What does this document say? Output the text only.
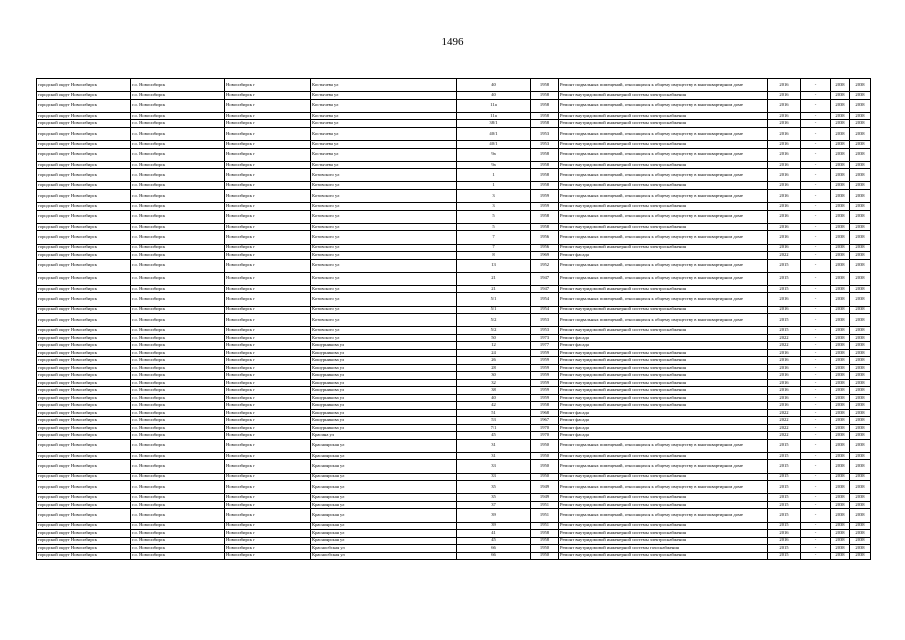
1496
городской округ Новосибирск	г.о. Новосибирск	Новосибирск г	Костычева ул	40	1958	Ремонт подвальных помещений, относящихся к общему имуществу в многоквартирном доме	2016	-	2038	2038
городской округ Новосибирск	г.о. Новосибирск	Новосибирск г	Костычева ул	40	1958	Ремонт внутридомовой инженерной системы электроснабжения	2016	-	2038	2038
городской округ Новосибирск	г.о. Новосибирск	Новосибирск г	Костычева ул	11а	1958	Ремонт подвальных помещений, относящихся к общему имуществу в многоквартирном доме	2016	-	2038	2038
городской округ Новосибирск	г.о. Новосибирск	Новосибирск г	Костычева ул	11а	1958	Ремонт внутридомовой инженерной системы электроснабжения	2016	-	2038	2038
городской округ Новосибирск	г.о. Новосибирск	Новосибирск г	Костычева ул	38/1	1958	Ремонт внутридомовой инженерной системы электроснабжения	2016	-	2038	2038
городской округ Новосибирск	г.о. Новосибирск	Новосибирск г	Костычева ул	40/1	1953	Ремонт подвальных помещений, относящихся к общему имуществу в многоквартирном доме	2016	-	2038	2038
городской округ Новосибирск	г.о. Новосибирск	Новосибирск г	Костычева ул	40/1	1953	Ремонт внутридомовой инженерной системы электроснабжения	2016	-	2038	2038
городской округ Новосибирск	г.о. Новосибирск	Новосибирск г	Костычева ул	9а	1958	Ремонт подвальных помещений, относящихся к общему имуществу в многоквартирном доме	2016	-	2038	2038
городской округ Новосибирск	г.о. Новосибирск	Новосибирск г	Костычева ул	9а	1958	Ремонт внутридомовой инженерной системы электроснабжения	2016	-	2038	2038
городской округ Новосибирск	г.о. Новосибирск	Новосибирск г	Котовского ул	1	1958	Ремонт подвальных помещений, относящихся к общему имуществу в многоквартирном доме	2016	-	2038	2038
городской округ Новосибирск	г.о. Новосибирск	Новосибирск г	Котовского ул	1	1958	Ремонт внутридомовой инженерной системы электроснабжения	2016	-	2038	2038
городской округ Новосибирск	г.о. Новосибирск	Новосибирск г	Котовского ул	3	1959	Ремонт подвальных помещений, относящихся к общему имуществу в многоквартирном доме	2016	-	2038	2038
городской округ Новосибирск	г.о. Новосибирск	Новосибирск г	Котовского ул	3	1959	Ремонт внутридомовой инженерной системы электроснабжения	2016	-	2038	2038
городской округ Новосибирск	г.о. Новосибирск	Новосибирск г	Котовского ул	5	1958	Ремонт подвальных помещений, относящихся к общему имуществу в многоквартирном доме	2016	-	2038	2038
городской округ Новосибирск	г.о. Новосибирск	Новосибирск г	Котовского ул	5	1958	Ремонт внутридомовой инженерной системы электроснабжения	2016	-	2038	2038
городской округ Новосибирск	г.о. Новосибирск	Новосибирск г	Котовского ул	7	1956	Ремонт подвальных помещений, относящихся к общему имуществу в многоквартирном доме	2016	-	2038	2038
городской округ Новосибирск	г.о. Новосибирск	Новосибирск г	Котовского ул	7	1956	Ремонт внутридомовой инженерной системы электроснабжения	2016	-	2038	2038
городской округ Новосибирск	г.о. Новосибирск	Новосибирск г	Котовского ул	8	1969	Ремонт фасада	2022	-	2038	2038
городской округ Новосибирск	г.о. Новосибирск	Новосибирск г	Котовского ул	13	1952	Ремонт подвальных помещений, относящихся к общему имуществу в многоквартирном доме	2015	-	2038	2038
городской округ Новосибирск	г.о. Новосибирск	Новосибирск г	Котовского ул	21	1947	Ремонт подвальных помещений, относящихся к общему имуществу в многоквартирном доме	2015	-	2038	2038
городской округ Новосибирск	г.о. Новосибирск	Новосибирск г	Котовского ул	21	1947	Ремонт внутридомовой инженерной системы электроснабжения	2015	-	2038	2038
городской округ Новосибирск	г.о. Новосибирск	Новосибирск г	Котовского ул	5/1	1954	Ремонт подвальных помещений, относящихся к общему имуществу в многоквартирном доме	2016	-	2038	2038
городской округ Новосибирск	г.о. Новосибирск	Новосибирск г	Котовского ул	5/1	1954	Ремонт внутридомовой инженерной системы электроснабжения	2016	-	2038	2038
городской округ Новосибирск	г.о. Новосибирск	Новосибирск г	Котовского ул	5/2	1953	Ремонт подвальных помещений, относящихся к общему имуществу в многоквартирном доме	2015	-	2038	2038
городской округ Новосибирск	г.о. Новосибирск	Новосибирск г	Котовского ул	5/2	1953	Ремонт внутридомовой инженерной системы электроснабжения	2015	-	2038	2038
городской округ Новосибирск	г.о. Новосибирск	Новосибирск г	Котовского ул	50	1973	Ремонт фасада	2022	-	2038	2038
городской округ Новосибирск	г.о. Новосибирск	Новосибирск г	Кошурникова ул	12	1977	Ремонт фасада	2022	-	2038	2038
городской округ Новосибирск	г.о. Новосибирск	Новосибирск г	Кошурникова ул	24	1959	Ремонт внутридомовой инженерной системы электроснабжения	2016	-	2038	2038
городской округ Новосибирск	г.о. Новосибирск	Новосибирск г	Кошурникова ул	26	1959	Ремонт внутридомовой инженерной системы электроснабжения	2016	-	2038	2038
городской округ Новосибирск	г.о. Новосибирск	Новосибирск г	Кошурникова ул	28	1959	Ремонт внутридомовой инженерной системы электроснабжения	2016	-	2038	2038
городской округ Новосибирск	г.о. Новосибирск	Новосибирск г	Кошурникова ул	30	1959	Ремонт внутридомовой инженерной системы электроснабжения	2016	-	2038	2038
городской округ Новосибирск	г.о. Новосибирск	Новосибирск г	Кошурникова ул	32	1959	Ремонт внутридомовой инженерной системы электроснабжения	2016	-	2038	2038
городской округ Новосибирск	г.о. Новосибирск	Новосибирск г	Кошурникова ул	38	1959	Ремонт внутридомовой инженерной системы электроснабжения	2016	-	2038	2038
городской округ Новосибирск	г.о. Новосибирск	Новосибирск г	Кошурникова ул	40	1959	Ремонт внутридомовой инженерной системы электроснабжения	2016	-	2038	2038
городской округ Новосибирск	г.о. Новосибирск	Новосибирск г	Кошурникова ул	42	1958	Ремонт внутридомовой инженерной системы электроснабжения	2016	-	2038	2038
городской округ Новосибирск	г.о. Новосибирск	Новосибирск г	Кошурникова ул	51	1968	Ремонт фасада	2022	-	2038	2038
городской округ Новосибирск	г.о. Новосибирск	Новосибирск г	Кошурникова ул	53	1967	Ремонт фасада	2022	-	2038	2038
городской округ Новосибирск	г.о. Новосибирск	Новосибирск г	Кошурникова ул	7/1	1970	Ремонт фасада	2022	-	2038	2038
городской округ Новосибирск	г.о. Новосибирск	Новосибирск г	Красина ул	45	1970	Ремонт фасада	2022	-	2038	2038
городской округ Новосибирск	г.о. Новосибирск	Новосибирск г	Красноярская ул	31	1950	Ремонт подвальных помещений, относящихся к общему имуществу в многоквартирном доме	2015	-	2038	2038
городской округ Новосибирск	г.о. Новосибирск	Новосибирск г	Красноярская ул	31	1950	Ремонт внутридомовой инженерной системы электроснабжения	2015	-	2038	2038
городской округ Новосибирск	г.о. Новосибирск	Новосибирск г	Красноярская ул	33	1950	Ремонт подвальных помещений, относящихся к общему имуществу в многоквартирном доме	2015	-	2038	2038
городской округ Новосибирск	г.о. Новосибирск	Новосибирск г	Красноярская ул	33	1950	Ремонт внутридомовой инженерной системы электроснабжения	2015	-	2038	2038
городской округ Новосибирск	г.о. Новосибирск	Новосибирск г	Красноярская ул	35	1949	Ремонт подвальных помещений, относящихся к общему имуществу в многоквартирном доме	2015	-	2038	2038
городской округ Новосибирск	г.о. Новосибирск	Новосибирск г	Красноярская ул	35	1949	Ремонт внутридомовой инженерной системы электроснабжения	2015	-	2038	2038
городской округ Новосибирск	г.о. Новосибирск	Новосибирск г	Красноярская ул	37	1951	Ремонт внутридомовой инженерной системы электроснабжения	2015	-	2038	2038
городской округ Новосибирск	г.о. Новосибирск	Новосибирск г	Красноярская ул	39	1951	Ремонт подвальных помещений, относящихся к общему имуществу в многоквартирном доме	2015	-	2038	2038
городской округ Новосибирск	г.о. Новосибирск	Новосибирск г	Красноярская ул	39	1951	Ремонт внутридомовой инженерной системы электроснабжения	2015	-	2038	2038
городской округ Новосибирск	г.о. Новосибирск	Новосибирск г	Красноярская ул	41	1958	Ремонт внутридомовой инженерной системы электроснабжения	2016	-	2038	2038
городской округ Новосибирск	г.о. Новосибирск	Новосибирск г	Красноярская ул	45	1958	Ремонт внутридомовой инженерной системы электроснабжения	2016	-	2038	2038
городской округ Новосибирск	г.о. Новосибирск	Новосибирск г	Краснообская ул	66	1950	Ремонт внутридомовой инженерной системы газоснабжения	2015	-	2038	2038
городской округ Новосибирск	г.о. Новосибирск	Новосибирск г	Краснообская ул	66	1950	Ремонт внутридомовой инженерной системы электроснабжения	2015	-	2038	2038
